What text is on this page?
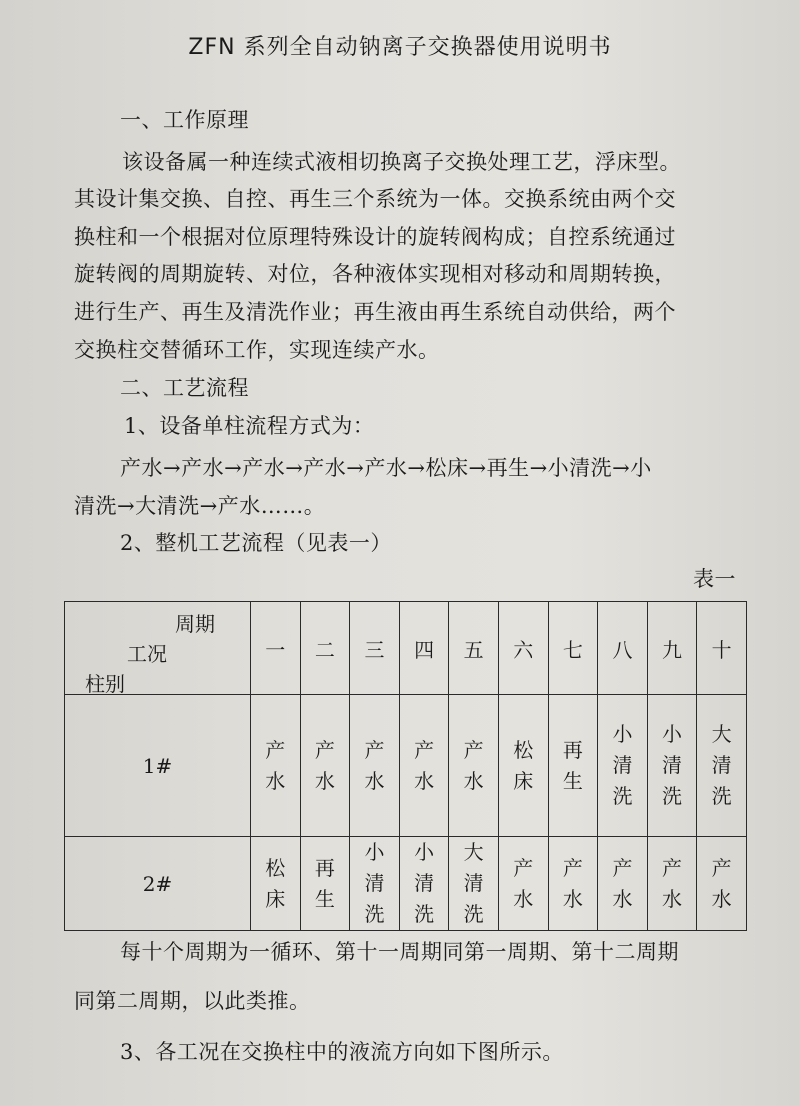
ZFN 系列全自动钠离子交换器使用说明书
一、工作原理
该设备属一种连续式液相切换离子交换处理工艺，浮床型。
其设计集交换、自控、再生三个系统为一体。交换系统由两个交
换柱和一个根据对位原理特殊设计的旋转阀构成；自控系统通过
旋转阀的周期旋转、对位，各种液体实现相对移动和周期转换，
进行生产、再生及清洗作业；再生液由再生系统自动供给，两个
交换柱交替循环工作，实现连续产水。
二、工艺流程
1、设备单柱流程方式为：
产水→产水→产水→产水→产水→松床→再生→小清洗→小
清洗→大清洗→产水……。
2、整机工艺流程（见表一）
表一
周期
工况
柱别	一	二	三	四	五	六	七	八	九	十
1#	产水	产水	产水	产水	产水	松床	再生	小清洗	小清洗	大清洗
2#	松床	再生	小清洗	小清洗	大清洗	产水	产水	产水	产水	产水
每十个周期为一循环、第十一周期同第一周期、第十二周期
同第二周期，以此类推。
3、各工况在交换柱中的液流方向如下图所示。
